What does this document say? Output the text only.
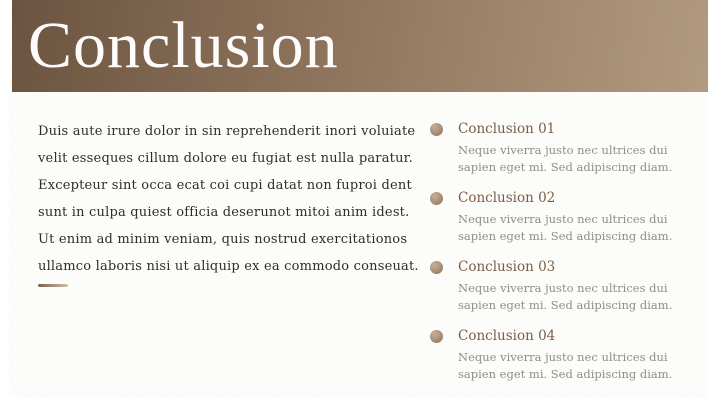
Conclusion
Duis aute irure dolor in sin reprehenderit inori voluiate
velit esseques cillum dolore eu fugiat est nulla paratur.
Excepteur sint occa ecat coi cupi datat non fuproi dent
sunt in culpa quiest officia deserunot mitoi anim idest.
Ut enim ad minim veniam, quis nostrud exercitationos
ullamco laboris nisi ut aliquip ex ea commodo conseuat.
Conclusion 01
Neque viverra justo nec ultrices dui
sapien eget mi. Sed adipiscing diam.
Conclusion 02
Neque viverra justo nec ultrices dui
sapien eget mi. Sed adipiscing diam.
Conclusion 03
Neque viverra justo nec ultrices dui
sapien eget mi. Sed adipiscing diam.
Conclusion 04
Neque viverra justo nec ultrices dui
sapien eget mi. Sed adipiscing diam.
